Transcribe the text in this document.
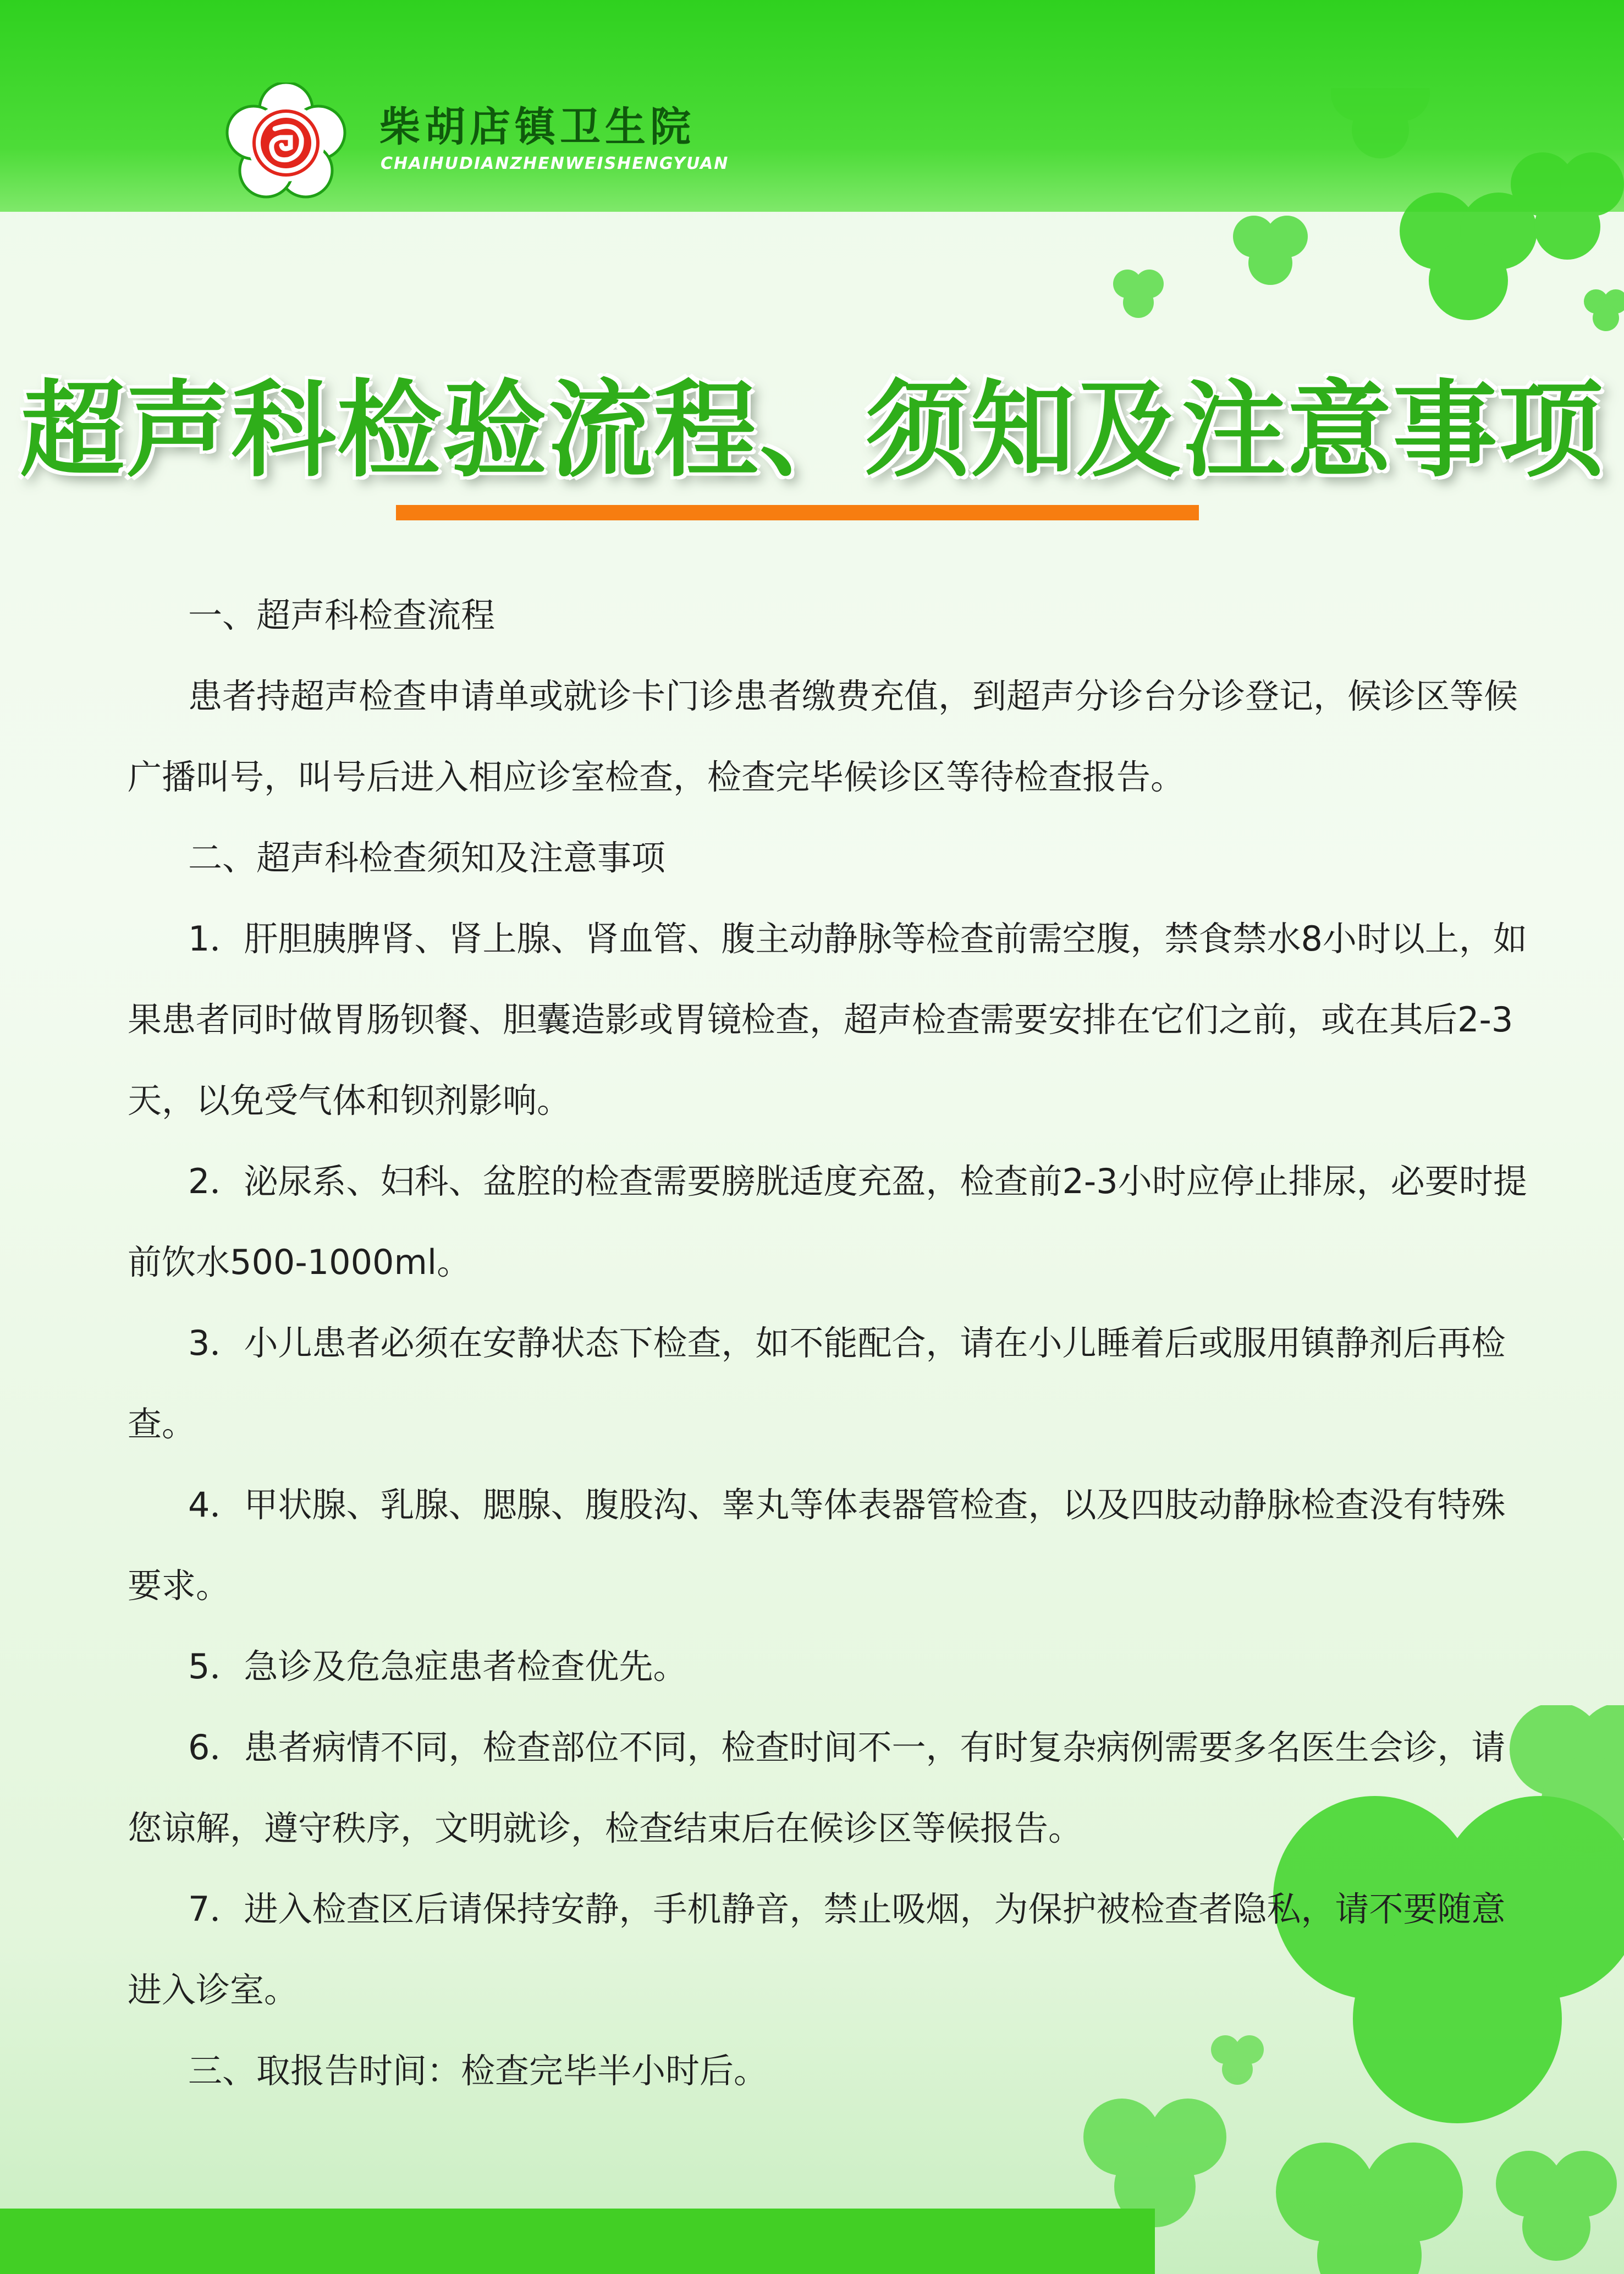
柴胡店镇卫生院
CHAIHUDIANZHENWEISHENGYUAN
超声科检验流程、须知及注意事项

一、超声科检查流程

患者持超声检查申请单或就诊卡门诊患者缴费充值，到超声分诊台分诊登记，候诊区等候广播叫号，叫号后进入相应诊室检查，检查完毕候诊区等待检查报告。

二、超声科检查须知及注意事项

1．肝胆胰脾肾、肾上腺、肾血管、腹主动静脉等检查前需空腹，禁食禁水8小时以上，如果患者同时做胃肠钡餐、胆囊造影或胃镜检查，超声检查需要安排在它们之前，或在其后2-3天，以免受气体和钡剂影响。

2．泌尿系、妇科、盆腔的检查需要膀胱适度充盈，检查前2-3小时应停止排尿，必要时提前饮水500-1000ml。

3．小儿患者必须在安静状态下检查，如不能配合，请在小儿睡着后或服用镇静剂后再检查。

4．甲状腺、乳腺、腮腺、腹股沟、睾丸等体表器管检查，以及四肢动静脉检查没有特殊要求。

5．急诊及危急症患者检查优先。

6．患者病情不同，检查部位不同，检查时间不一，有时复杂病例需要多名医生会诊，请您谅解，遵守秩序，文明就诊，检查结束后在候诊区等候报告。

7．进入检查区后请保持安静，手机静音，禁止吸烟，为保护被检查者隐私，请不要随意进入诊室。

三、取报告时间：检查完毕半小时后。
